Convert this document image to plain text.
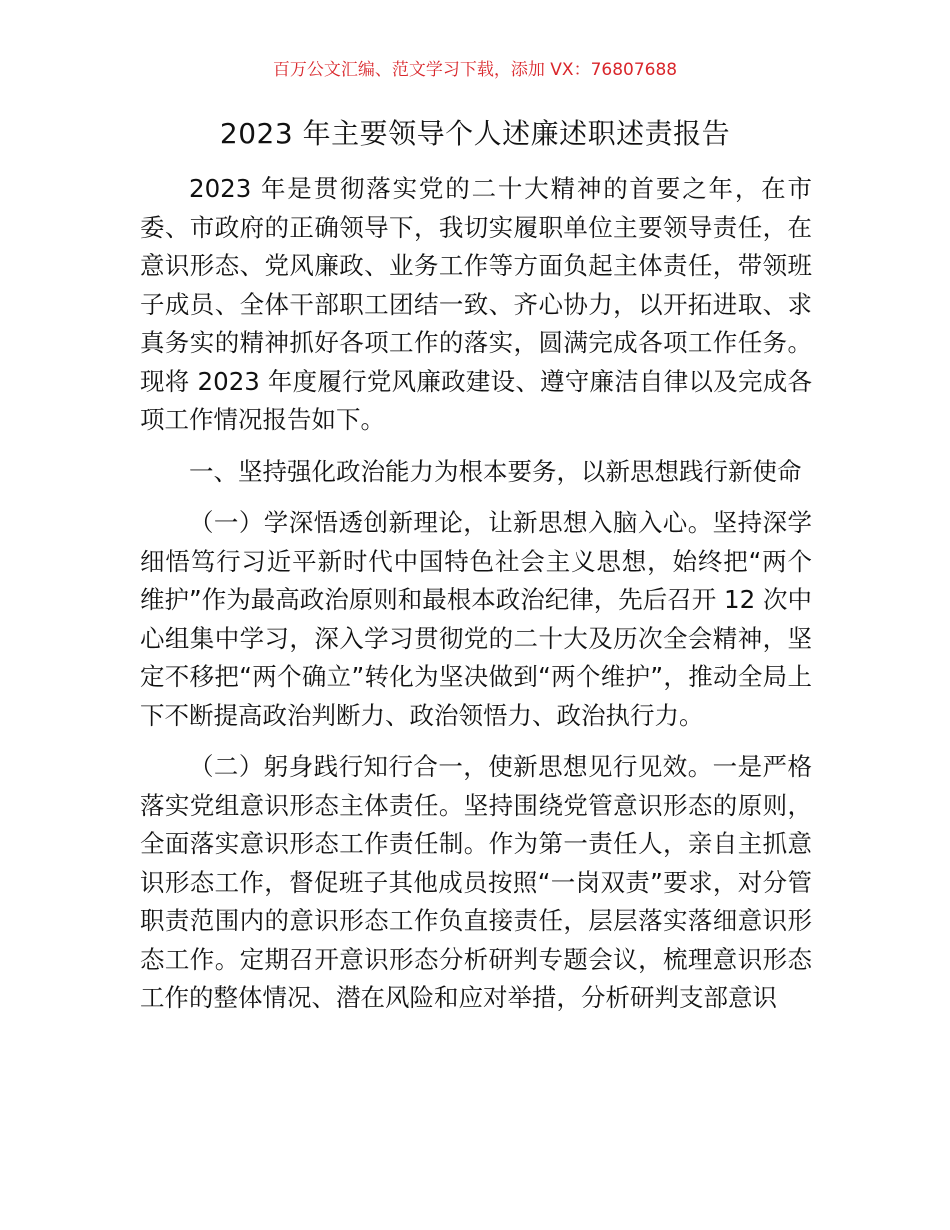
百万公文汇编、范文学习下载，添加 VX：76807688
2023 年主要领导个人述廉述职述责报告

2023 年是贯彻落实党的二十大精神的首要之年，在市委、市政府的正确领导下，我切实履职单位主要领导责任，在意识形态、党风廉政、业务工作等方面负起主体责任，带领班子成员、全体干部职工团结一致、齐心协力，以开拓进取、求真务实的精神抓好各项工作的落实，圆满完成各项工作任务。现将 2023 年度履行党风廉政建设、遵守廉洁自律以及完成各项工作情况报告如下。

一、坚持强化政治能力为根本要务，以新思想践行新使命

（一）学深悟透创新理论，让新思想入脑入心。坚持深学细悟笃行习近平新时代中国特色社会主义思想，始终把“两个维护”作为最高政治原则和最根本政治纪律，先后召开 12 次中心组集中学习，深入学习贯彻党的二十大及历次全会精神，坚定不移把“两个确立”转化为坚决做到“两个维护”，推动全局上下不断提高政治判断力、政治领悟力、政治执行力。

（二）躬身践行知行合一，使新思想见行见效。一是严格落实党组意识形态主体责任。坚持围绕党管意识形态的原则，全面落实意识形态工作责任制。作为第一责任人，亲自主抓意识形态工作，督促班子其他成员按照“一岗双责”要求，对分管职责范围内的意识形态工作负直接责任，层层落实落细意识形态工作。定期召开意识形态分析研判专题会议，梳理意识形态工作的整体情况、潜在风险和应对举措，分析研判支部意识
